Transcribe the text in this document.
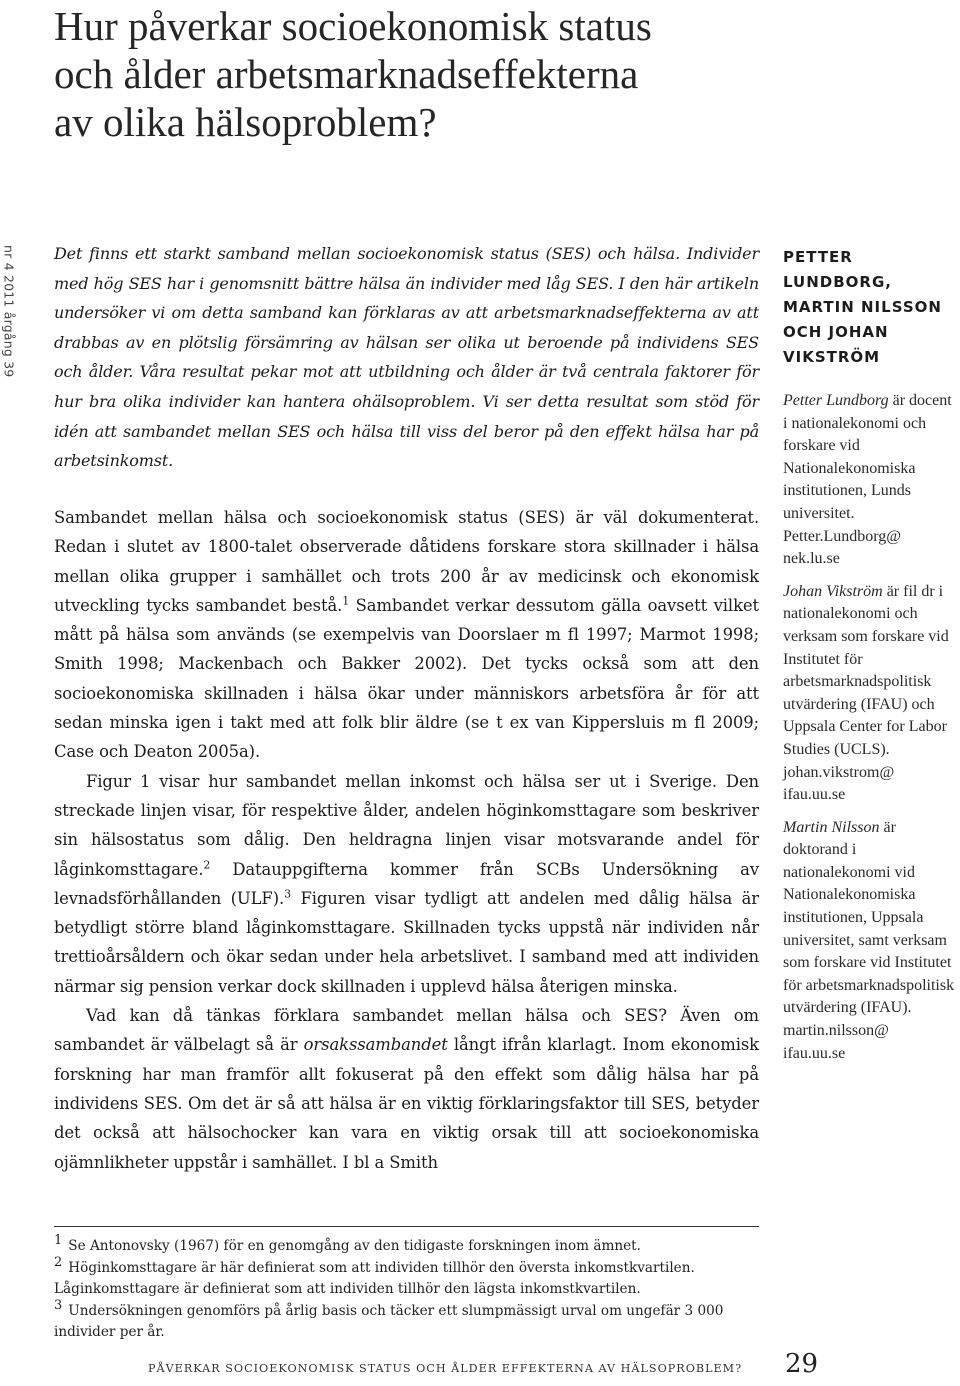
Hur påverkar socioekonomisk status
och ålder arbetsmarknadseffekterna
av olika hälsoproblem?
nr 4 2011 årgång 39 Det finns ett starkt samband mellan socioekonomisk status (SES) och hälsa. Individer med hög SES har i genomsnitt bättre hälsa än individer med låg SES. I den här artikeln undersöker vi om detta samband kan förklaras av att arbetsmarknadseffekterna av att drabbas av en plötslig försämring av hälsan ser olika ut beroende på individens SES och ålder. Våra resultat pekar mot att utbildning och ålder är två centrala faktorer för hur bra olika individer kan hantera ohälsoproblem. Vi ser detta resultat som stöd för idén att sambandet mellan SES och hälsa till viss del beror på den effekt hälsa har på arbetsinkomst.

Sambandet mellan hälsa och socioekonomisk status (SES) är väl dokumenterat. Redan i slutet av 1800-talet observerade dåtidens forskare stora skillnader i hälsa mellan olika grupper i samhället och trots 200 år av medicinsk och ekonomisk utveckling tycks sambandet bestå.$^1$ Sambandet verkar dessutom gälla oavsett vilket mått på hälsa som används (se exempelvis van Doorslaer m fl 1997; Marmot 1998; Smith 1998; Mackenbach och Bakker 2002). Det tycks också som att den socioekonomiska skillnaden i hälsa ökar under människors arbetsföra år för att sedan minska igen i takt med att folk blir äldre (se t ex van Kippersluis m fl 2009; Case och Deaton 2005a).

Figur 1 visar hur sambandet mellan inkomst och hälsa ser ut i Sverige. Den streckade linjen visar, för respektive ålder, andelen höginkomsttagare som beskriver sin hälsostatus som dålig. Den heldragna linjen visar motsvarande andel för låginkomsttagare.$^2$ Datauppgifterna kommer från SCBs Undersökning av levnadsförhållanden (ULF).$^3$ Figuren visar tydligt att andelen med dålig hälsa är betydligt större bland låginkomsttagare. Skillnaden tycks uppstå när individen når trettioårsåldern och ökar sedan under hela arbetslivet. I samband med att individen närmar sig pension verkar dock skillnaden i upplevd hälsa återigen minska.

Vad kan då tänkas förklara sambandet mellan hälsa och SES? Även om sambandet är välbelagt så är orsakssambandet långt ifrån klarlagt. Inom ekonomisk forskning har man framför allt fokuserat på den effekt som dålig hälsa har på individens SES. Om det är så att hälsa är en viktig förklaringsfaktor till SES, betyder det också att hälsochocker kan vara en viktig orsak till att socioekonomiska ojämnlikheter uppstår i samhället. I bl a Smith

PETTER LUNDBORG, MARTIN NILSSON OCH JOHAN VIKSTRÖM

Petter Lundborg är docent i nationalekonomi och forskare vid Nationalekonomiska institutionen, Lunds universitet.
Petter.Lundborg@ nek.lu.se

Johan Vikström är fil dr i nationalekonomi och verksam som forskare vid Institutet för arbetsmarknadspolitisk utvärdering (IFAU) och Uppsala Center for Labor Studies (UCLS).
johan.vikstrom@ ifau.uu.se

Martin Nilsson är doktorand i nationalekonomi vid Nationalekonomiska institutionen, Uppsala universitet, samt verksam som forskare vid Institutet för arbetsmarknadspolitisk utvärdering (IFAU).
martin.nilsson@ ifau.uu.se

$^1$ Se Antonovsky (1967) för en genomgång av den tidigaste forskningen inom ämnet.

$^2$ Höginkomsttagare är här definierat som att individen tillhör den översta inkomstkvartilen. Låginkomsttagare är definierat som att individen tillhör den lägsta inkomstkvartilen.

$^3$ Undersökningen genomförs på årlig basis och täcker ett slumpmässigt urval om ungefär 3 000 individer per år.

PÅVERKAR SOCIOEKONOMISK STATUS OCH ÅLDER EFFEKTERNA AV HÄLSOPROBLEM? 29
